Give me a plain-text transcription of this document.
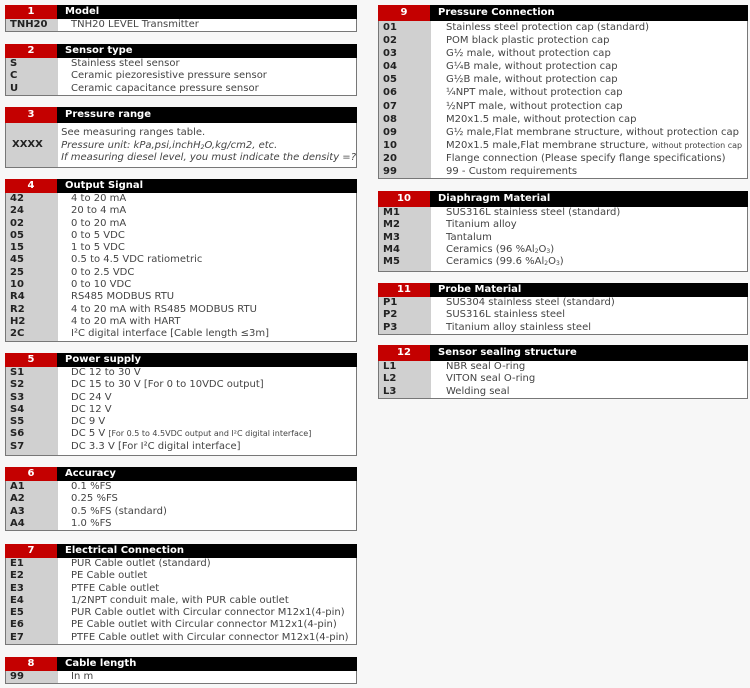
1	Model
TNH20	TNH20 LEVEL Transmitter
2	Sensor type
S	Stainless steel sensor
C	Ceramic piezoresistive pressure sensor
U	Ceramic capacitance pressure sensor
3	Pressure range
XXXX
See measuring ranges table.
Pressure unit: kPa,psi,inchH$_2$O,kg/cm2, etc.
If measuring diesel level, you must indicate the density =?
4	Output Signal
42	4 to 20 mA
24	20 to 4 mA
02	0 to 20 mA
05	0 to 5 VDC
15	1 to 5 VDC
45	0.5 to 4.5 VDC ratiometric
25	0 to 2.5 VDC
10	0 to 10 VDC
R4	RS485 MODBUS RTU
R2	4 to 20 mA with RS485 MODBUS RTU
H2	4 to 20 mA with HART
2C	I²C digital interface [Cable length ≤3m]
5	Power supply
S1	DC 12 to 30 V
S2	DC 15 to 30 V [For 0 to 10VDC output]
S3	DC 24 V
S4	DC 12 V
S5	DC 9 V
S6	DC 5 V [For 0.5 to 4.5VDC output and I²C digital interface]
S7	DC 3.3 V [For I²C digital interface]
6	Accuracy
A1	0.1 %FS
A2	0.25 %FS
A3	0.5 %FS (standard)
A4	1.0 %FS
7	Electrical Connection
E1	PUR Cable outlet (standard)
E2	PE Cable outlet
E3	PTFE Cable outlet
E4	1/2NPT conduit male, with PUR cable outlet
E5	PUR Cable outlet with Circular connector M12x1(4-pin)
E6	PE Cable outlet with Circular connector M12x1(4-pin)
E7	PTFE Cable outlet with Circular connector M12x1(4-pin)
8	Cable length
99	In m
9	Pressure Connection
01	Stainless steel protection cap (standard)
02	POM black plastic protection cap
03	G½ male, without protection cap
04	G¼B male, without protection cap
05	G½B male, without protection cap
06	¼NPT male, without protection cap
07	½NPT male, without protection cap
08	M20x1.5 male, without protection cap
09	G½ male,Flat membrane structure, without protection cap
10	M20x1.5 male,Flat membrane structure, without protection cap
20	Flange connection (Please specify flange specifications)
99	99 - Custom requirements
10	Diaphragm Material
M1	SUS316L stainless steel (standard)
M2	Titanium alloy
M3	Tantalum
M4	Ceramics (96 $\%Al_2O_3$)
M5	Ceramics (99.6 $\%Al_2O_3$)
11	Probe Material
P1	SUS304 stainless steel (standard)
P2	SUS316L stainless steel
P3	Titanium alloy stainless steel
12	Sensor sealing structure
L1	NBR seal O-ring
L2	VITON seal O-ring
L3	Welding seal
